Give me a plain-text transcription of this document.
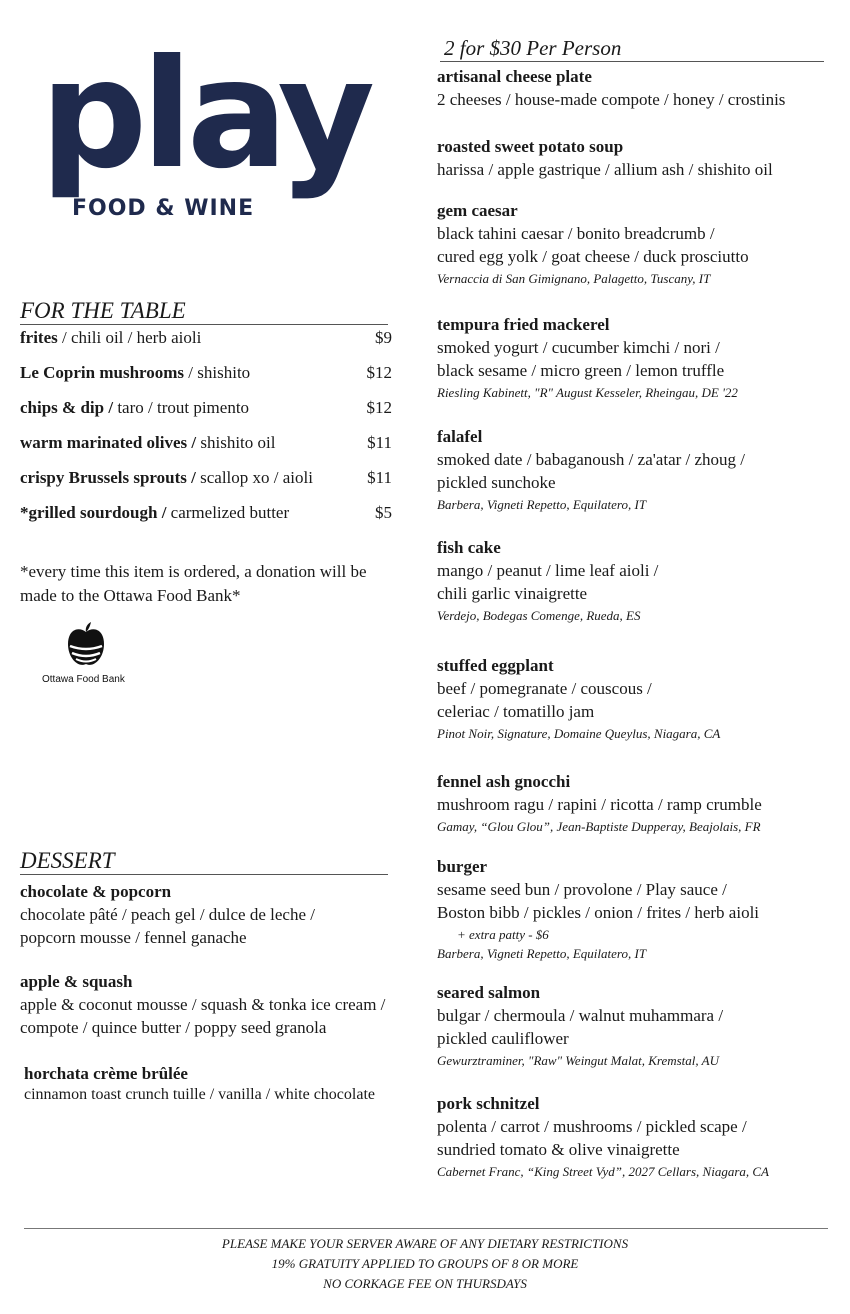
play
FOOD & WINE
FOR THE TABLE
frites / chili oil / herb aioli	$9
Le Coprin mushrooms / shishito	$12
chips & dip / taro / trout pimento	$12
warm marinated olives / shishito oil	$11
crispy Brussels sprouts / scallop xo / aioli	$11
*grilled sourdough / carmelized butter	$5
*every time this item is ordered, a donation will be
made to the Ottawa Food Bank*
Ottawa Food Bank
DESSERT
chocolate & popcorn
chocolate pâté / peach gel / dulce de leche /
popcorn mousse / fennel ganache
apple & squash
apple & coconut mousse / squash & tonka ice cream /
compote / quince butter / poppy seed granola
horchata crème brûlée
cinnamon toast crunch tuille / vanilla / white chocolate
2 for $30 Per Person
artisanal cheese plate
2 cheeses / house-made compote / honey / crostinis
roasted sweet potato soup
harissa / apple gastrique / allium ash / shishito oil
gem caesar
black tahini caesar / bonito breadcrumb /
cured egg yolk / goat cheese / duck prosciutto
Vernaccia di San Gimignano, Palagetto, Tuscany, IT
tempura fried mackerel
smoked yogurt / cucumber kimchi / nori /
black sesame / micro green / lemon truffle
Riesling Kabinett, "R" August Kesseler, Rheingau, DE '22
falafel
smoked date / babaganoush / za'atar / zhoug /
pickled sunchoke
Barbera, Vigneti Repetto, Equilatero, IT
fish cake
mango / peanut / lime leaf aioli /
chili garlic vinaigrette
Verdejo, Bodegas Comenge, Rueda, ES
stuffed eggplant
beef / pomegranate / couscous /
celeriac / tomatillo jam
Pinot Noir, Signature, Domaine Queylus, Niagara, CA
fennel ash gnocchi
mushroom ragu / rapini / ricotta / ramp crumble
Gamay, “Glou Glou”, Jean-Baptiste Dupperay, Beajolais, FR
burger
sesame seed bun / provolone / Play sauce /
Boston bibb / pickles / onion / frites / herb aioli
+ extra patty - $6
Barbera, Vigneti Repetto, Equilatero, IT
seared salmon
bulgar / chermoula / walnut muhammara /
pickled cauliflower
Gewurztraminer, "Raw" Weingut Malat, Kremstal, AU
pork schnitzel
polenta / carrot / mushrooms / pickled scape /
sundried tomato & olive vinaigrette
Cabernet Franc, “King Street Vyd”, 2027 Cellars, Niagara, CA
PLEASE MAKE YOUR SERVER AWARE OF ANY DIETARY RESTRICTIONS
19% GRATUITY APPLIED TO GROUPS OF 8 OR MORE
NO CORKAGE FEE ON THURSDAYS
